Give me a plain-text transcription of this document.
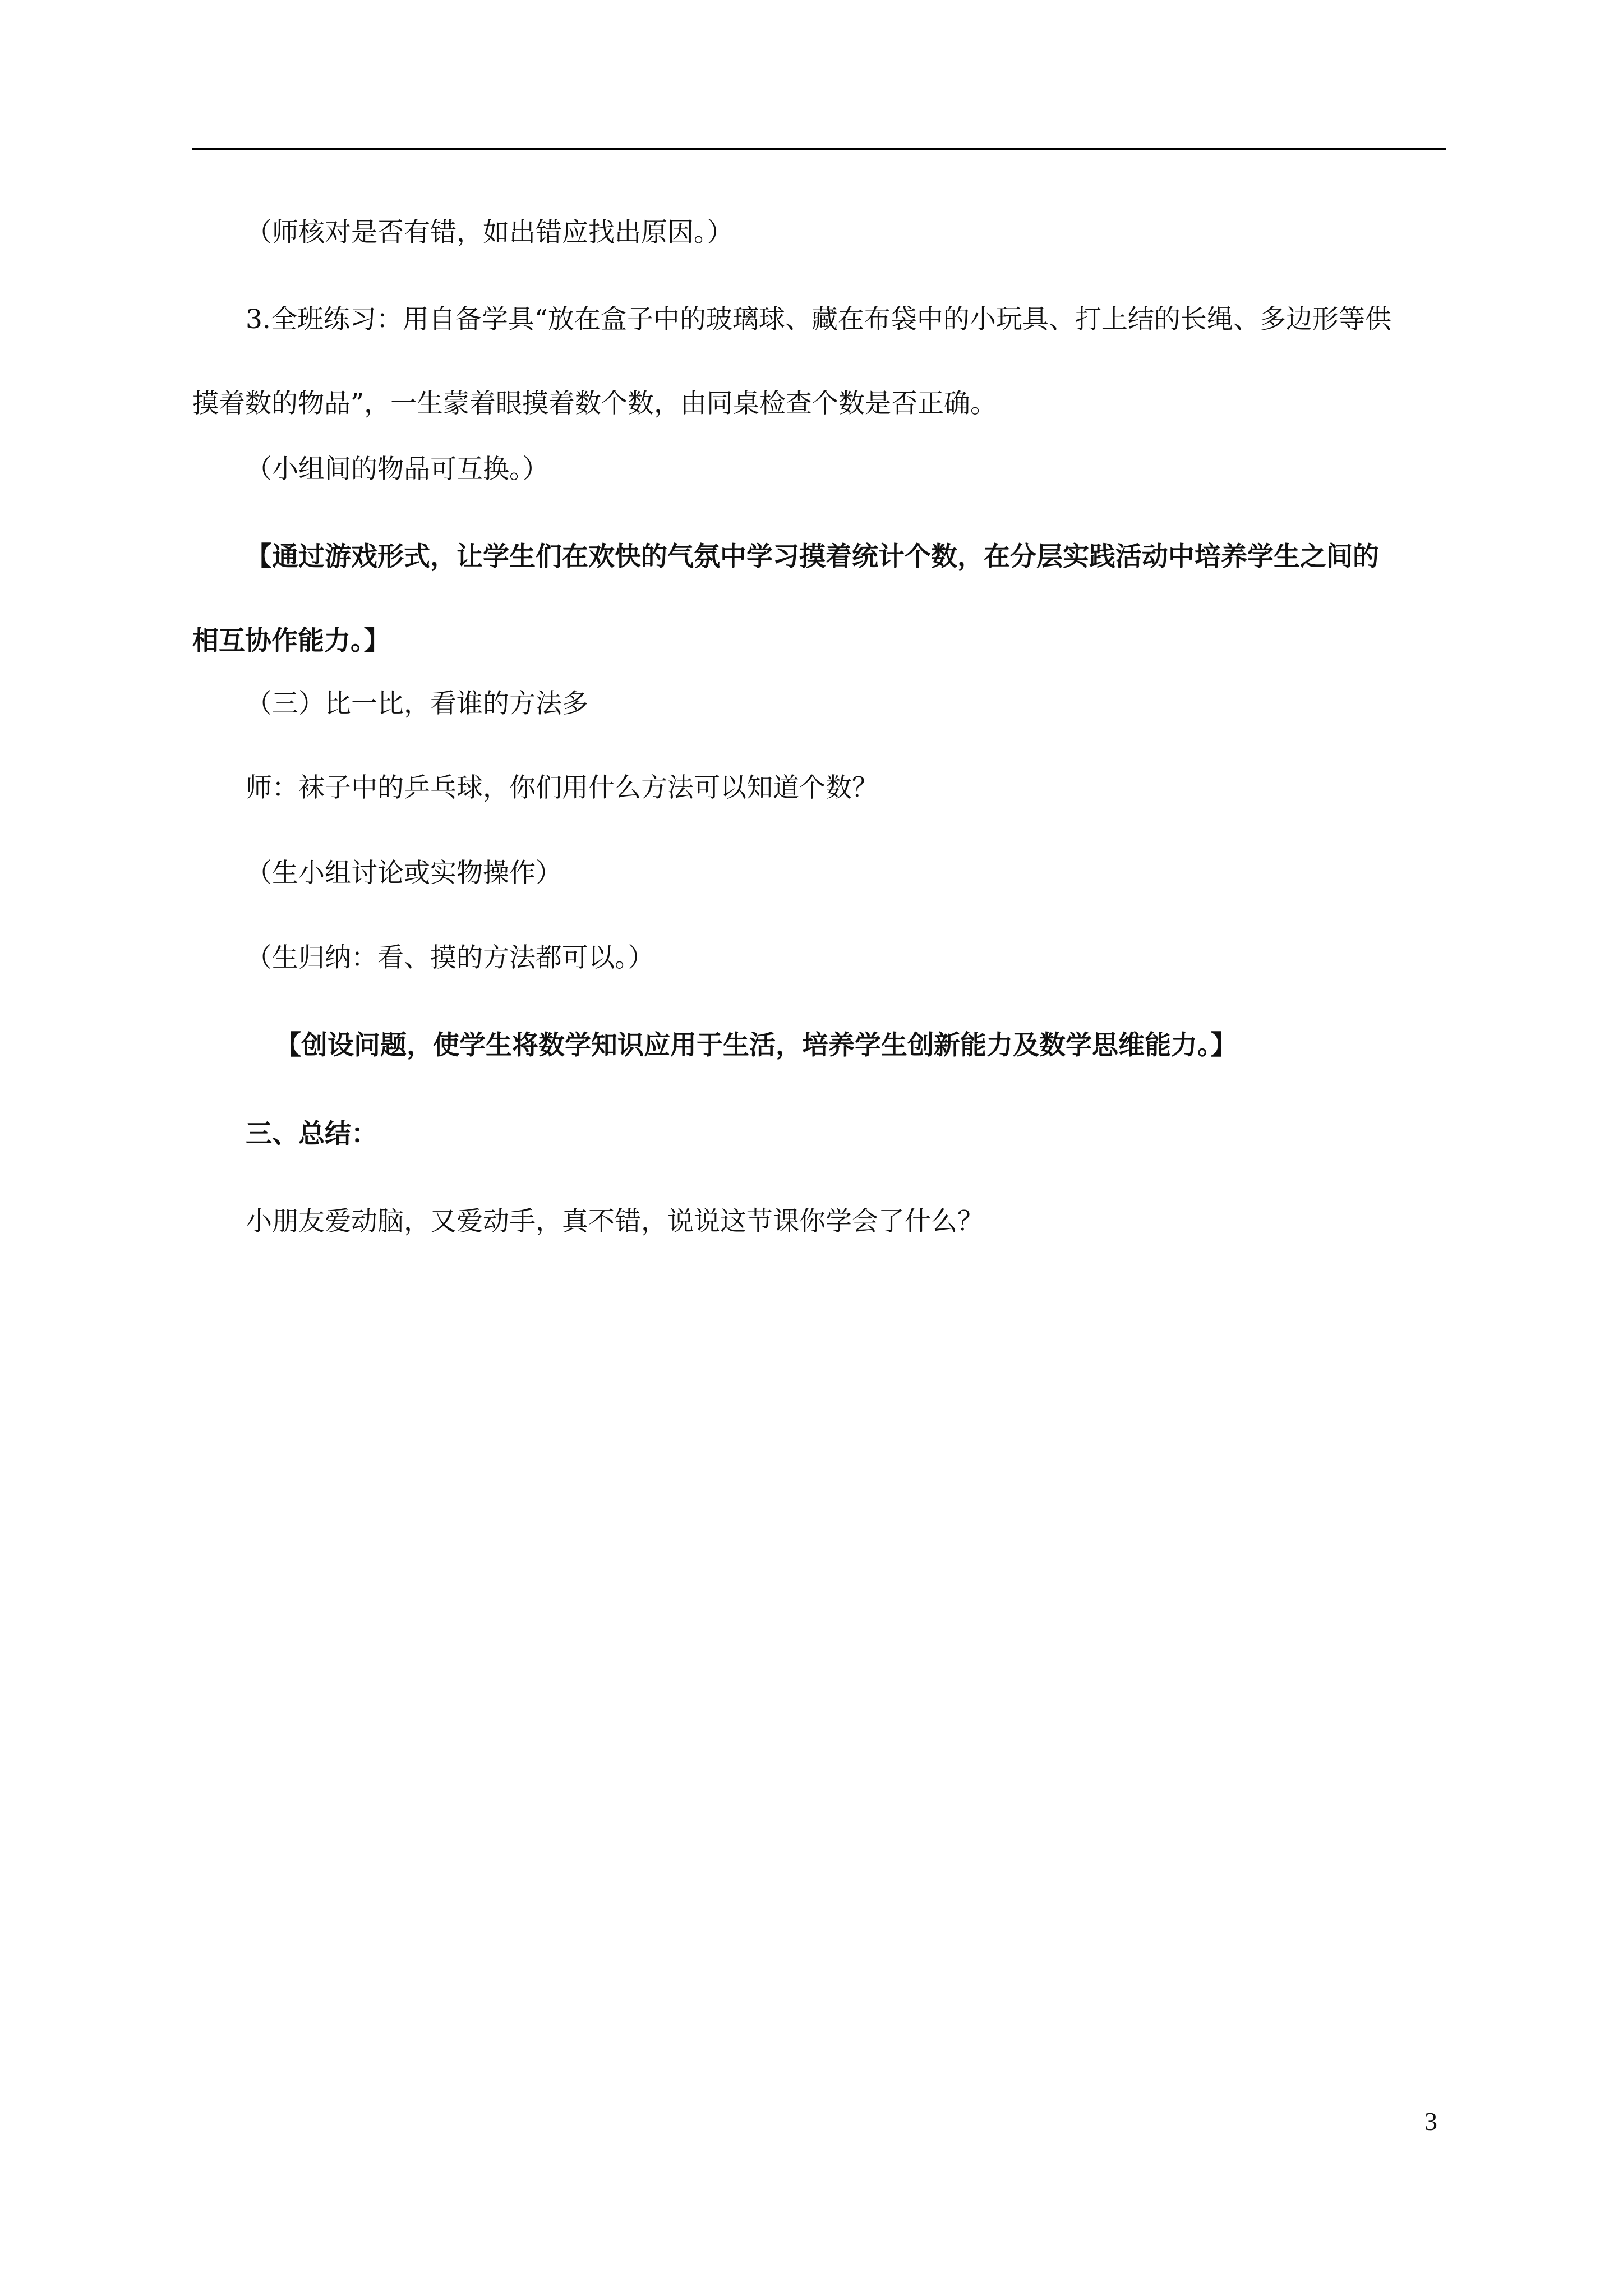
（师核对是否有错，如出错应找出原因。）
3.全班练习：用自备学具“放在盒子中的玻璃球、藏在布袋中的小玩具、打上结的长绳、多边形等供摸着数的物品”，一生蒙着眼摸着数个数，由同桌检查个数是否正确。
（小组间的物品可互换。）
【通过游戏形式，让学生们在欢快的气氛中学习摸着统计个数，在分层实践活动中培养学生之间的相互协作能力。】
（三）比一比，看谁的方法多
师：袜子中的乒乓球，你们用什么方法可以知道个数？
（生小组讨论或实物操作）
（生归纳：看、摸的方法都可以。）
【创设问题，使学生将数学知识应用于生活，培养学生创新能力及数学思维能力。】
三、总结：
小朋友爱动脑，又爱动手，真不错，说说这节课你学会了什么？
3
